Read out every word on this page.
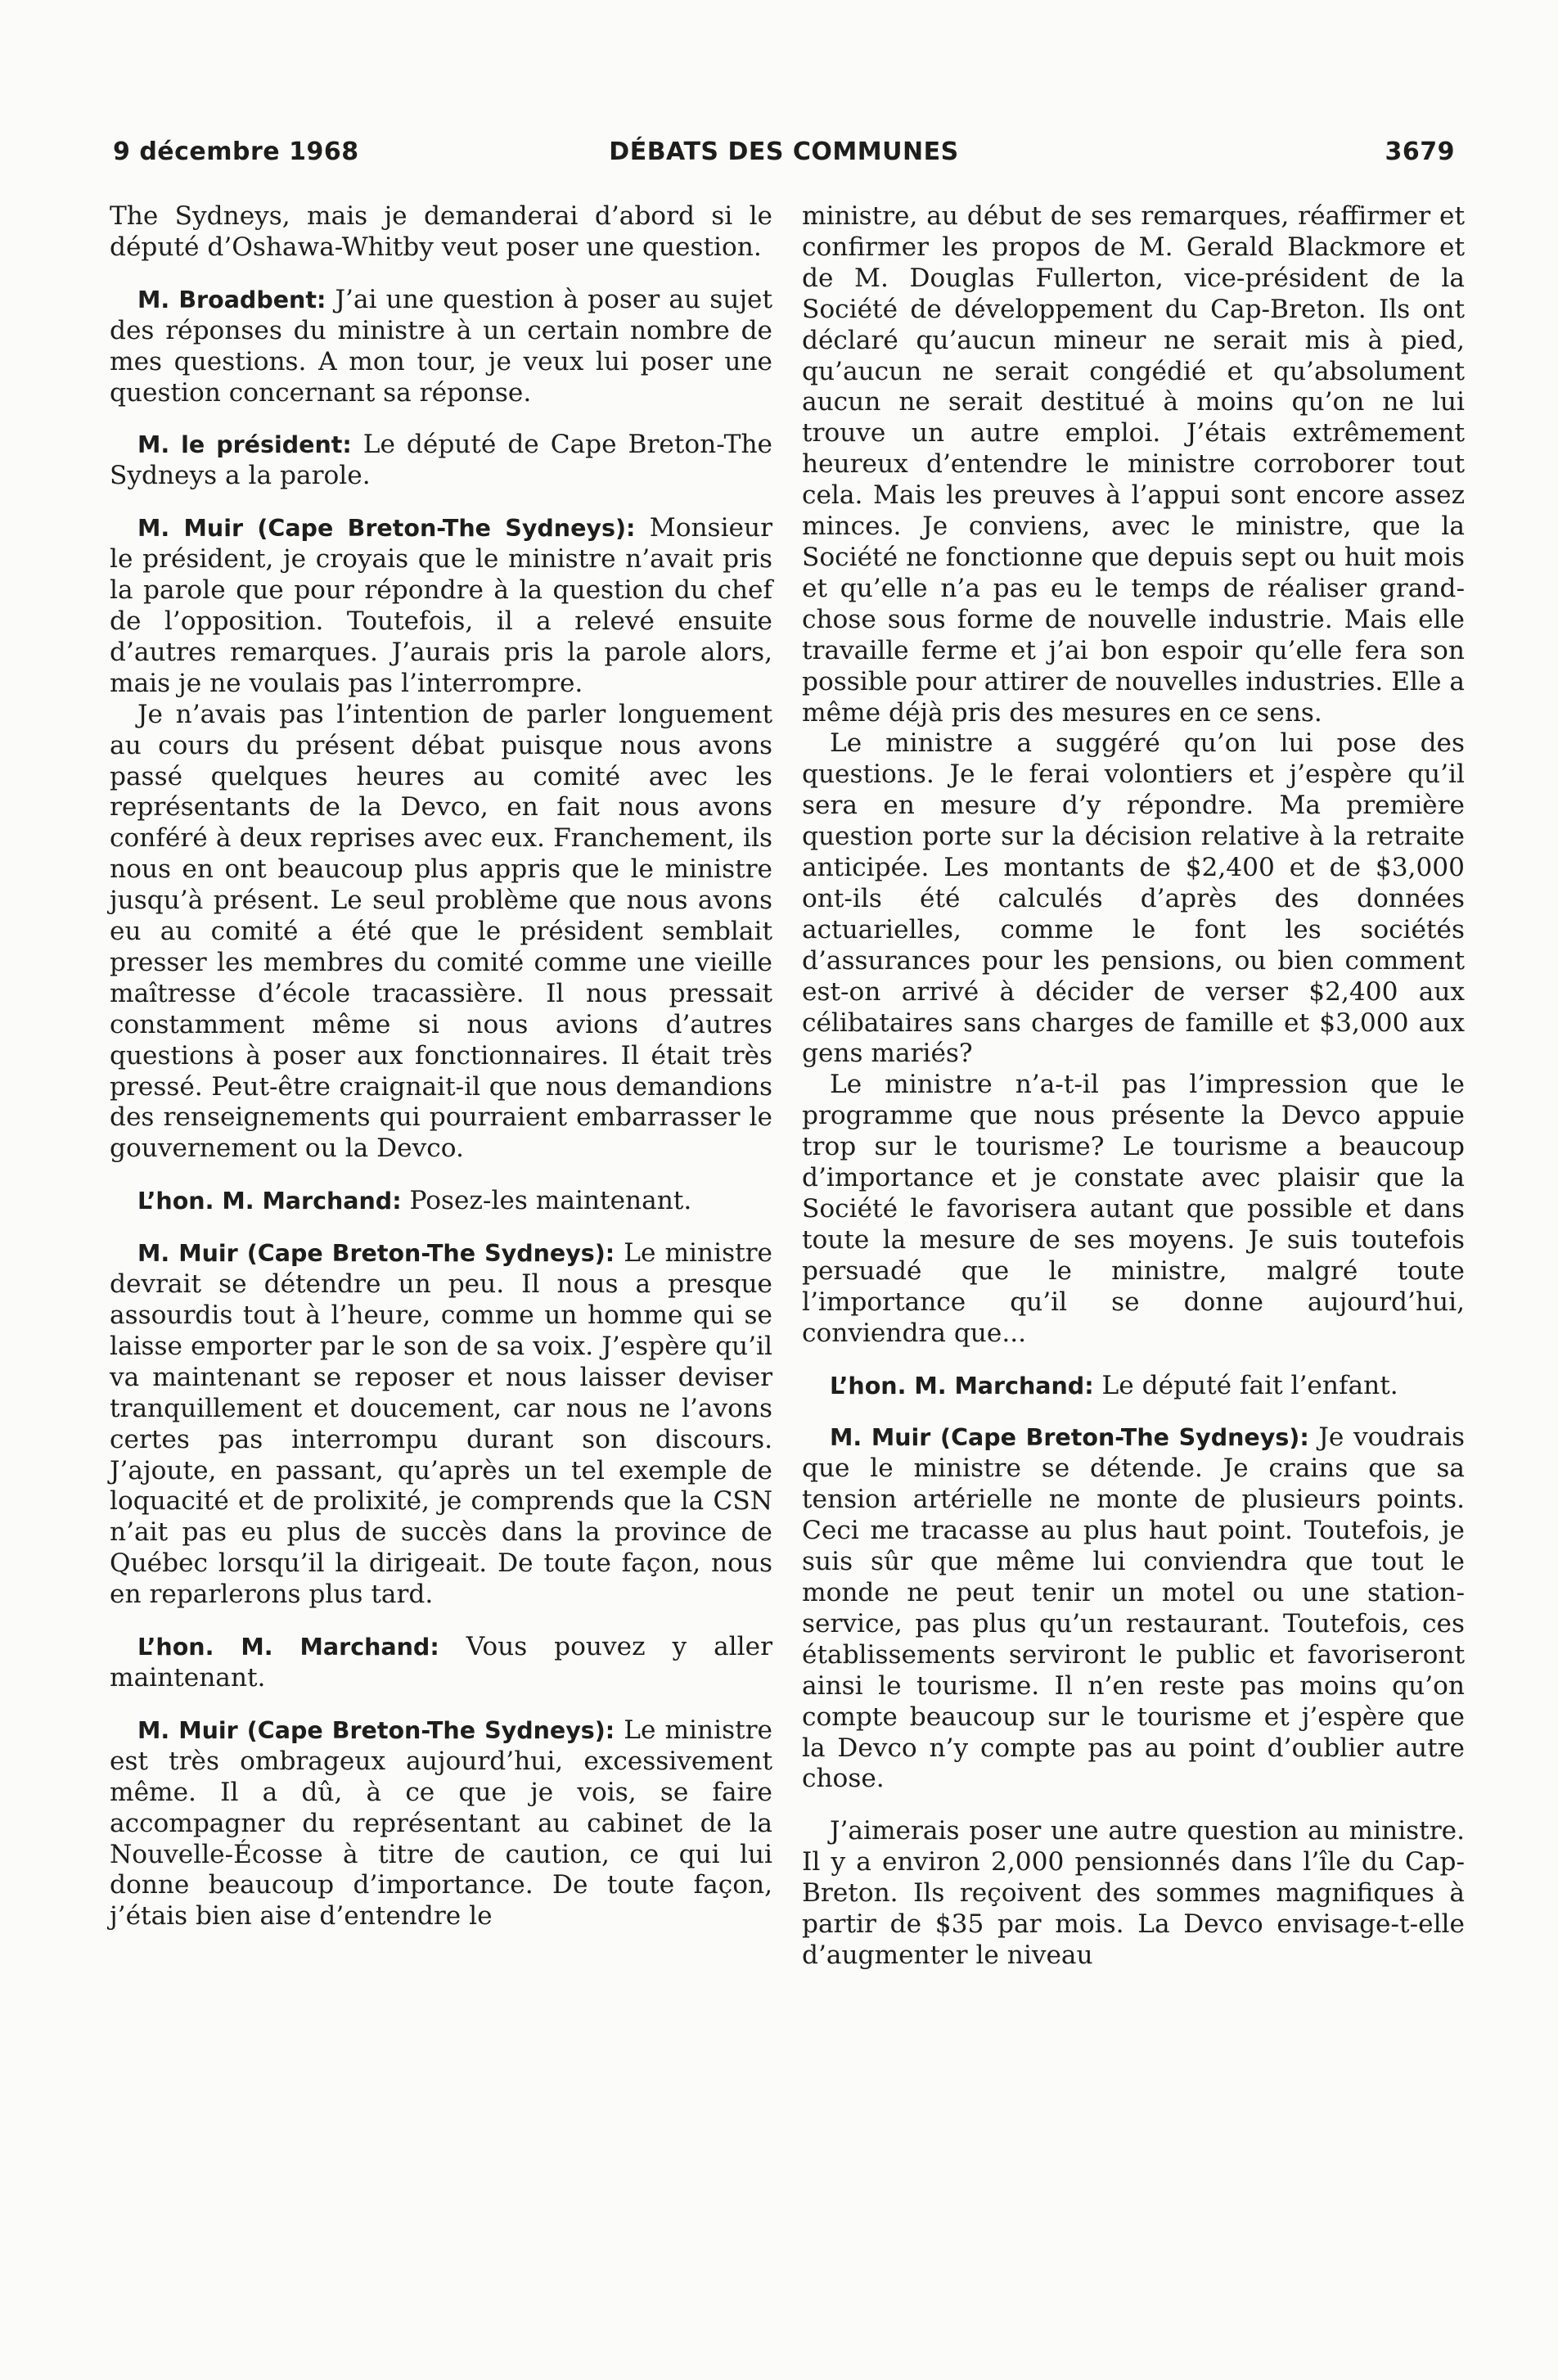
9 décembre 1968	DÉBATS DES COMMUNES	3679

The Sydneys, mais je demanderai d’abord si le député d’Oshawa-Whitby veut poser une question.

M. Broadbent: J’ai une question à poser au sujet des réponses du ministre à un certain nombre de mes questions. A mon tour, je veux lui poser une question concernant sa réponse.

M. le président: Le député de Cape Breton-The Sydneys a la parole.

M. Muir (Cape Breton-The Sydneys): Monsieur le président, je croyais que le ministre n’avait pris la parole que pour répondre à la question du chef de l’opposition. Toutefois, il a relevé ensuite d’autres remarques. J’aurais pris la parole alors, mais je ne voulais pas l’interrompre.

Je n’avais pas l’intention de parler longuement au cours du présent débat puisque nous avons passé quelques heures au comité avec les représentants de la Devco, en fait nous avons conféré à deux reprises avec eux. Franchement, ils nous en ont beaucoup plus appris que le ministre jusqu’à présent. Le seul problème que nous avons eu au comité a été que le président semblait presser les membres du comité comme une vieille maîtresse d’école tracassière. Il nous pressait constamment même si nous avions d’autres questions à poser aux fonctionnaires. Il était très pressé. Peut-être craignait-il que nous demandions des renseignements qui pourraient embarrasser le gouvernement ou la Devco.

L’hon. M. Marchand: Posez-les maintenant.

M. Muir (Cape Breton-The Sydneys): Le ministre devrait se détendre un peu. Il nous a presque assourdis tout à l’heure, comme un homme qui se laisse emporter par le son de sa voix. J’espère qu’il va maintenant se reposer et nous laisser deviser tranquillement et doucement, car nous ne l’avons certes pas interrompu durant son discours. J’ajoute, en passant, qu’après un tel exemple de loquacité et de prolixité, je comprends que la CSN n’ait pas eu plus de succès dans la province de Québec lorsqu’il la dirigeait. De toute façon, nous en reparlerons plus tard.

L’hon. M. Marchand: Vous pouvez y aller maintenant.

M. Muir (Cape Breton-The Sydneys): Le ministre est très ombrageux aujourd’hui, excessivement même. Il a dû, à ce que je vois, se faire accompagner du représentant au cabinet de la Nouvelle-Écosse à titre de caution, ce qui lui donne beaucoup d’importance. De toute façon, j’étais bien aise d’entendre le

ministre, au début de ses remarques, réaffirmer et confirmer les propos de M. Gerald Blackmore et de M. Douglas Fullerton, vice-président de la Société de développement du Cap-Breton. Ils ont déclaré qu’aucun mineur ne serait mis à pied, qu’aucun ne serait congédié et qu’absolument aucun ne serait destitué à moins qu’on ne lui trouve un autre emploi. J’étais extrêmement heureux d’entendre le ministre corroborer tout cela. Mais les preuves à l’appui sont encore assez minces. Je conviens, avec le ministre, que la Société ne fonctionne que depuis sept ou huit mois et qu’elle n’a pas eu le temps de réaliser grand-chose sous forme de nouvelle industrie. Mais elle travaille ferme et j’ai bon espoir qu’elle fera son possible pour attirer de nouvelles industries. Elle a même déjà pris des mesures en ce sens.

Le ministre a suggéré qu’on lui pose des questions. Je le ferai volontiers et j’espère qu’il sera en mesure d’y répondre. Ma première question porte sur la décision relative à la retraite anticipée. Les montants de $2,400 et de $3,000 ont-ils été calculés d’après des données actuarielles, comme le font les sociétés d’assurances pour les pensions, ou bien comment est-on arrivé à décider de verser $2,400 aux célibataires sans charges de famille et $3,000 aux gens mariés?

Le ministre n’a-t-il pas l’impression que le programme que nous présente la Devco appuie trop sur le tourisme? Le tourisme a beaucoup d’importance et je constate avec plaisir que la Société le favorisera autant que possible et dans toute la mesure de ses moyens. Je suis toutefois persuadé que le ministre, malgré toute l’importance qu’il se donne aujourd’hui, conviendra que...

L’hon. M. Marchand: Le député fait l’enfant.

M. Muir (Cape Breton-The Sydneys): Je voudrais que le ministre se détende. Je crains que sa tension artérielle ne monte de plusieurs points. Ceci me tracasse au plus haut point. Toutefois, je suis sûr que même lui conviendra que tout le monde ne peut tenir un motel ou une station-service, pas plus qu’un restaurant. Toutefois, ces établissements serviront le public et favoriseront ainsi le tourisme. Il n’en reste pas moins qu’on compte beaucoup sur le tourisme et j’espère que la Devco n’y compte pas au point d’oublier autre chose.

J’aimerais poser une autre question au ministre. Il y a environ 2,000 pensionnés dans l’île du Cap-Breton. Ils reçoivent des sommes magnifiques à partir de $35 par mois. La Devco envisage-t-elle d’augmenter le niveau
